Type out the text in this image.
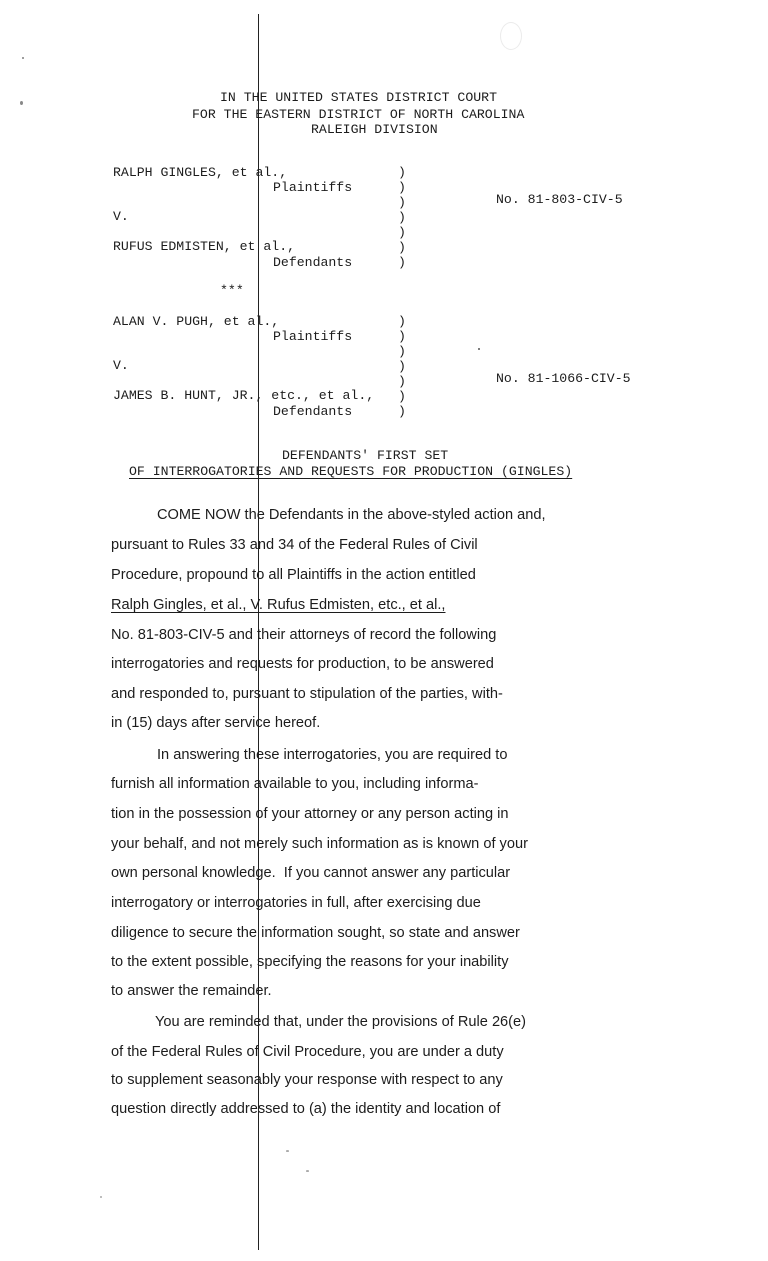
IN THE UNITED STATES DISTRICT COURT
FOR THE EASTERN DISTRICT OF NORTH CAROLINA
RALEIGH DIVISION
RALPH GINGLES, et al.,
Plaintiffs
V.
RUFUS EDMISTEN, et al.,
Defendants
No. 81-803-CIV-5
)
)
)
)
)
)
)
***
ALAN V. PUGH, et al.,
Plaintiffs
V.
JAMES B. HUNT, JR., etc., et al.,
Defendants
No. 81-1066-CIV-5
)
)
)
)
)
)
)
DEFENDANTS' FIRST SET
OF INTERROGATORIES AND REQUESTS FOR PRODUCTION (GINGLES)
COME NOW the Defendants in the above-styled action and,
pursuant to Rules 33 and 34 of the Federal Rules of Civil
Procedure, propound to all Plaintiffs in the action entitled
Ralph Gingles, et al., V. Rufus Edmisten, etc., et al.,
No. 81-803-CIV-5 and their attorneys of record the following
interrogatories and requests for production, to be answered
and responded to, pursuant to stipulation of the parties, with-
in (15) days after service hereof.
In answering these interrogatories, you are required to
furnish all information available to you, including informa-
tion in the possession of your attorney or any person acting in
your behalf, and not merely such information as is known of your
own personal knowledge.  If you cannot answer any particular
interrogatory or interrogatories in full, after exercising due
diligence to secure the information sought, so state and answer
to the extent possible, specifying the reasons for your inability
to answer the remainder.
You are reminded that, under the provisions of Rule 26(e)
of the Federal Rules of Civil Procedure, you are under a duty
to supplement seasonably your response with respect to any
question directly addressed to (a) the identity and location of
